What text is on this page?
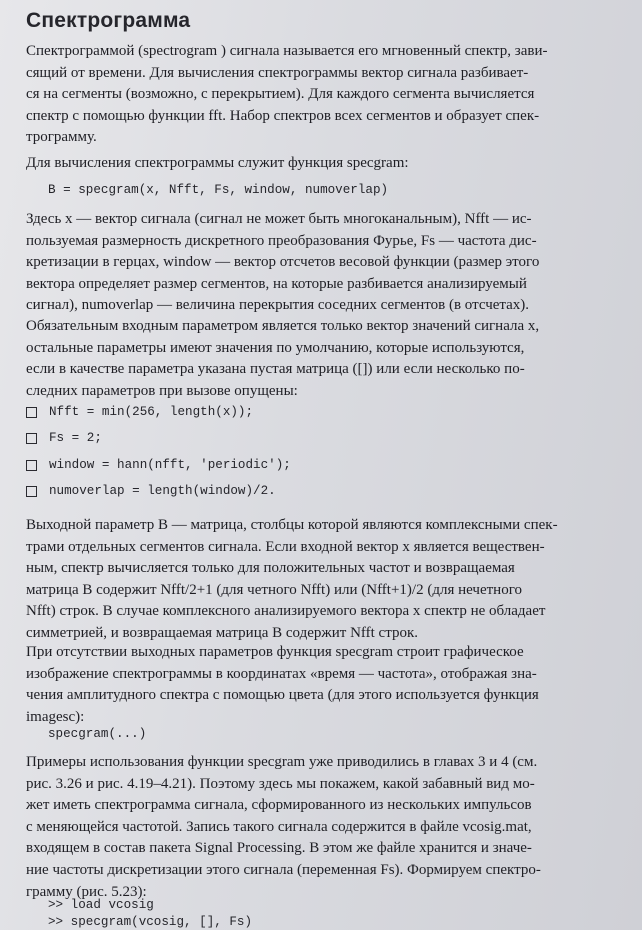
Спектрограмма

Спектрограммой (spectrogram ) сигнала называется его мгновенный спектр, зави-
сящий от времени. Для вычисления спектрограммы вектор сигнала разбивает-
ся на сегменты (возможно, с перекрытием). Для каждого сегмента вычисляется
спектр с помощью функции fft. Набор спектров всех сегментов и образует спек-
трограмму.

Для вычисления спектрограммы служит функция specgram:

B = specgram(x, Nfft, Fs, window, numoverlap)

Здесь x — вектор сигнала (сигнал не может быть многоканальным), Nfft — ис-
пользуемая размерность дискретного преобразования Фурье, Fs — частота дис-
кретизации в герцах, window — вектор отсчетов весовой функции (размер этого
вектора определяет размер сегментов, на которые разбивается анализируемый
сигнал), numoverlap — величина перекрытия соседних сегментов (в отсчетах).

Обязательным входным параметром является только вектор значений сигнала x,
остальные параметры имеют значения по умолчанию, которые используются,
если в качестве параметра указана пустая матрица ([]) или если несколько по-
следних параметров при вызове опущены:

Nfft = min(256, length(x));
Fs = 2;
window = hann(nfft, 'periodic');
numoverlap = length(window)/2.

Выходной параметр B — матрица, столбцы которой являются комплексными спек-
трами отдельных сегментов сигнала. Если входной вектор x является веществен-
ным, спектр вычисляется только для положительных частот и возвращаемая
матрица B содержит Nfft/2+1 (для четного Nfft) или (Nfft+1)/2 (для нечетного
Nfft) строк. В случае комплексного анализируемого вектора x спектр не обладает
симметрией, и возвращаемая матрица B содержит Nfft строк.

При отсутствии выходных параметров функция specgram строит графическое
изображение спектрограммы в координатах «время — частота», отображая зна-
чения амплитудного спектра с помощью цвета (для этого используется функция
imagesc):

specgram(...)

Примеры использования функции specgram уже приводились в главах 3 и 4 (см.
рис. 3.26 и рис. 4.19–4.21). Поэтому здесь мы покажем, какой забавный вид мо-
жет иметь спектрограмма сигнала, сформированного из нескольких импульсов
с меняющейся частотой. Запись такого сигнала содержится в файле vcosig.mat,
входящем в состав пакета Signal Processing. В этом же файле хранится и значе-
ние частоты дискретизации этого сигнала (переменная Fs). Формируем спектро-
грамму (рис. 5.23):

>> load vcosig
>> specgram(vcosig, [], Fs)
